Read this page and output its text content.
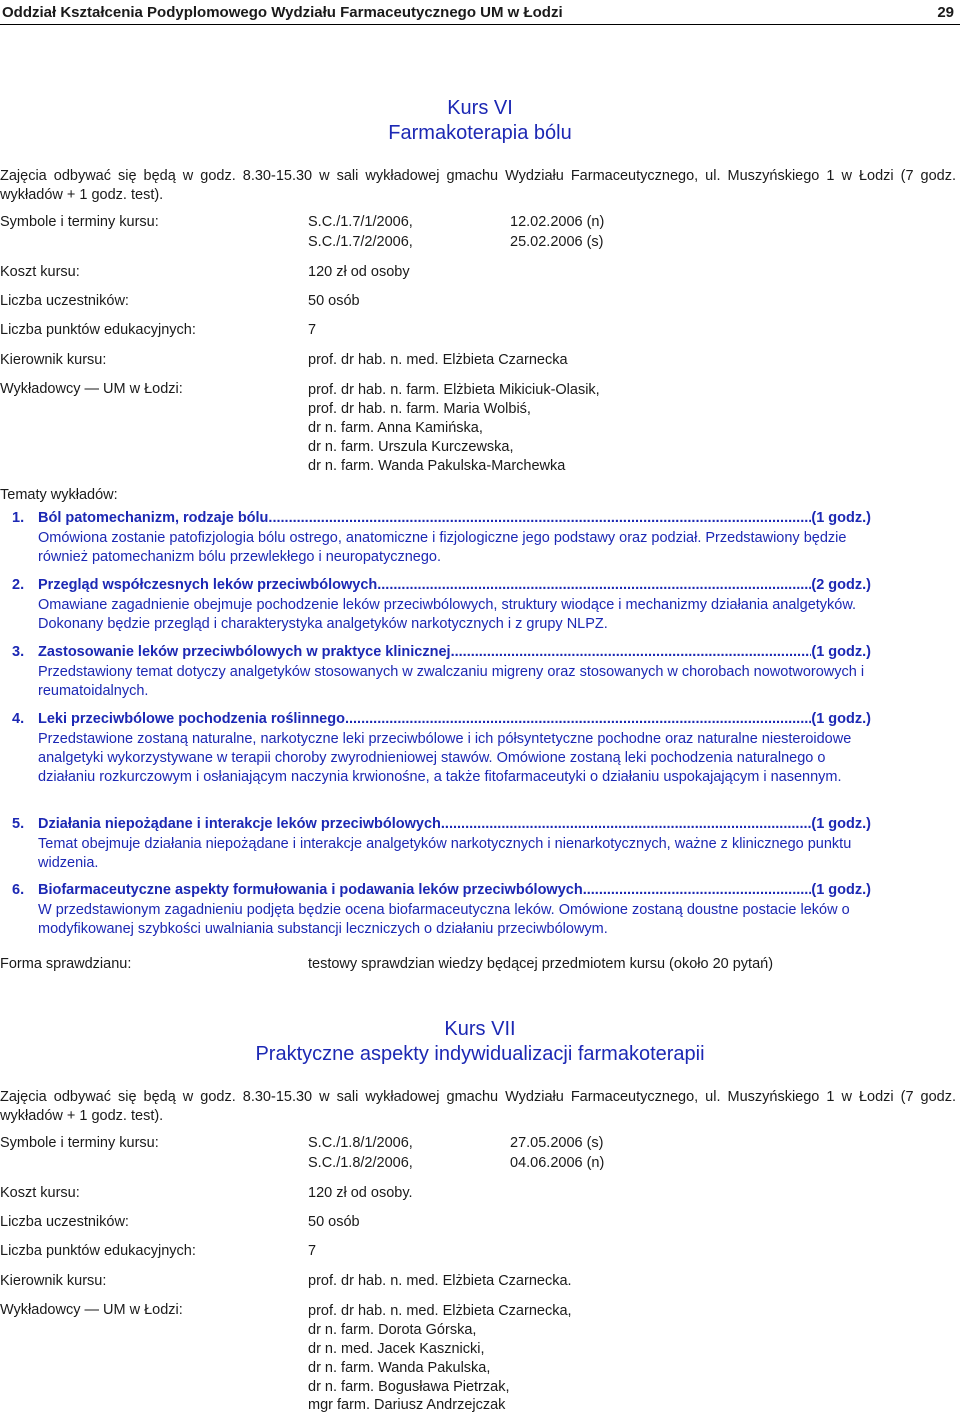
Oddział Kształcenia Podyplomowego Wydziału Farmaceutycznego UM w Łodzi	29
Kurs VI
Farmakoterapia bólu
Zajęcia odbywać się będą w godz. 8.30-15.30 w sali wykładowej gmachu Wydziału Farmaceutycznego, ul. Muszyńskiego 1 w Łodzi (7 godz. wykładów + 1 godz. test).
Symbole i terminy kursu:	S.C./1.7/1/2006,	12.02.2006 (n)
S.C./1.7/2/2006,	25.02.2006 (s)
Koszt kursu:	120 zł od osoby
Liczba uczestników:	50 osób
Liczba punktów edukacyjnych:	7
Kierownik kursu:	prof. dr hab. n. med. Elżbieta Czarnecka
Wykładowcy — UM w Łodzi:	prof. dr hab. n. farm. Elżbieta Mikiciuk-Olasik,
prof. dr hab. n. farm. Maria Wolbiś,
dr n. farm. Anna Kamińska,
dr n. farm. Urszula Kurczewska,
dr n. farm. Wanda Pakulska-Marchewka
Tematy wykładów:
1. Ból patomechanizm, rodzaje bólu .....	(1 godz.)
Omówiona zostanie patofizjologia bólu ostrego, anatomiczne i fizjologiczne jego podstawy oraz podział. Przedstawiony będzie również patomechanizm bólu przewlekłego i neuropatycznego.
2. Przegląd współczesnych leków przeciwbólowych .....	(2 godz.)
Omawiane zagadnienie obejmuje pochodzenie leków przeciwbólowych, struktury wiodące i mechanizmy działania analgetyków. Dokonany będzie przegląd i charakterystyka analgetyków narkotycznych i z grupy NLPZ.
3. Zastosowanie leków przeciwbólowych w praktyce klinicznej .....	(1 godz.)
Przedstawiony temat dotyczy analgetyków stosowanych w zwalczaniu migreny oraz stosowanych w chorobach nowotworowych i reumatoidalnych.
4. Leki przeciwbólowe pochodzenia roślinnego .....	(1 godz.)
Przedstawione zostaną naturalne, narkotyczne leki przeciwbólowe i ich półsyntetyczne pochodne oraz naturalne niesteroidowe analgetyki wykorzystywane w terapii choroby zwyrodnieniowej stawów. Omówione zostaną leki pochodzenia naturalnego o działaniu rozkurczowym i osłaniającym naczynia krwionośne, a także fitofarmaceutyki o działaniu uspokajającym i nasennym.
5. Działania niepożądane i interakcje leków przeciwbólowych .....	(1 godz.)
Temat obejmuje działania niepożądane i interakcje analgetyków narkotycznych i nienarkotycznych, ważne z klinicznego punktu widzenia.
6. Biofarmaceutyczne aspekty formułowania i podawania leków przeciwbólowych .....	(1 godz.)
W przedstawionym zagadnieniu podjęta będzie ocena biofarmaceutyczna leków. Omówione zostaną doustne postacie leków o modyfikowanej szybkości uwalniania substancji leczniczych o działaniu przeciwbólowym.
Forma sprawdzianu:	testowy sprawdzian wiedzy będącej przedmiotem kursu (około 20 pytań)
Kurs VII
Praktyczne aspekty indywidualizacji farmakoterapii
Zajęcia odbywać się będą w godz. 8.30-15.30 w sali wykładowej gmachu Wydziału Farmaceutycznego, ul. Muszyńskiego 1 w Łodzi (7 godz. wykładów + 1 godz. test).
Symbole i terminy kursu:	S.C./1.8/1/2006,	27.05.2006 (s)
S.C./1.8/2/2006,	04.06.2006 (n)
Koszt kursu:	120 zł od osoby.
Liczba uczestników:	50 osób
Liczba punktów edukacyjnych:	7
Kierownik kursu:	prof. dr hab. n. med. Elżbieta Czarnecka.
Wykładowcy — UM w Łodzi:	prof. dr hab. n. med. Elżbieta Czarnecka,
dr n. farm. Dorota Górska,
dr n. med. Jacek Kasznicki,
dr n. farm. Wanda Pakulska,
dr n. farm. Bogusława Pietrzak,
mgr farm. Dariusz Andrzejczak
